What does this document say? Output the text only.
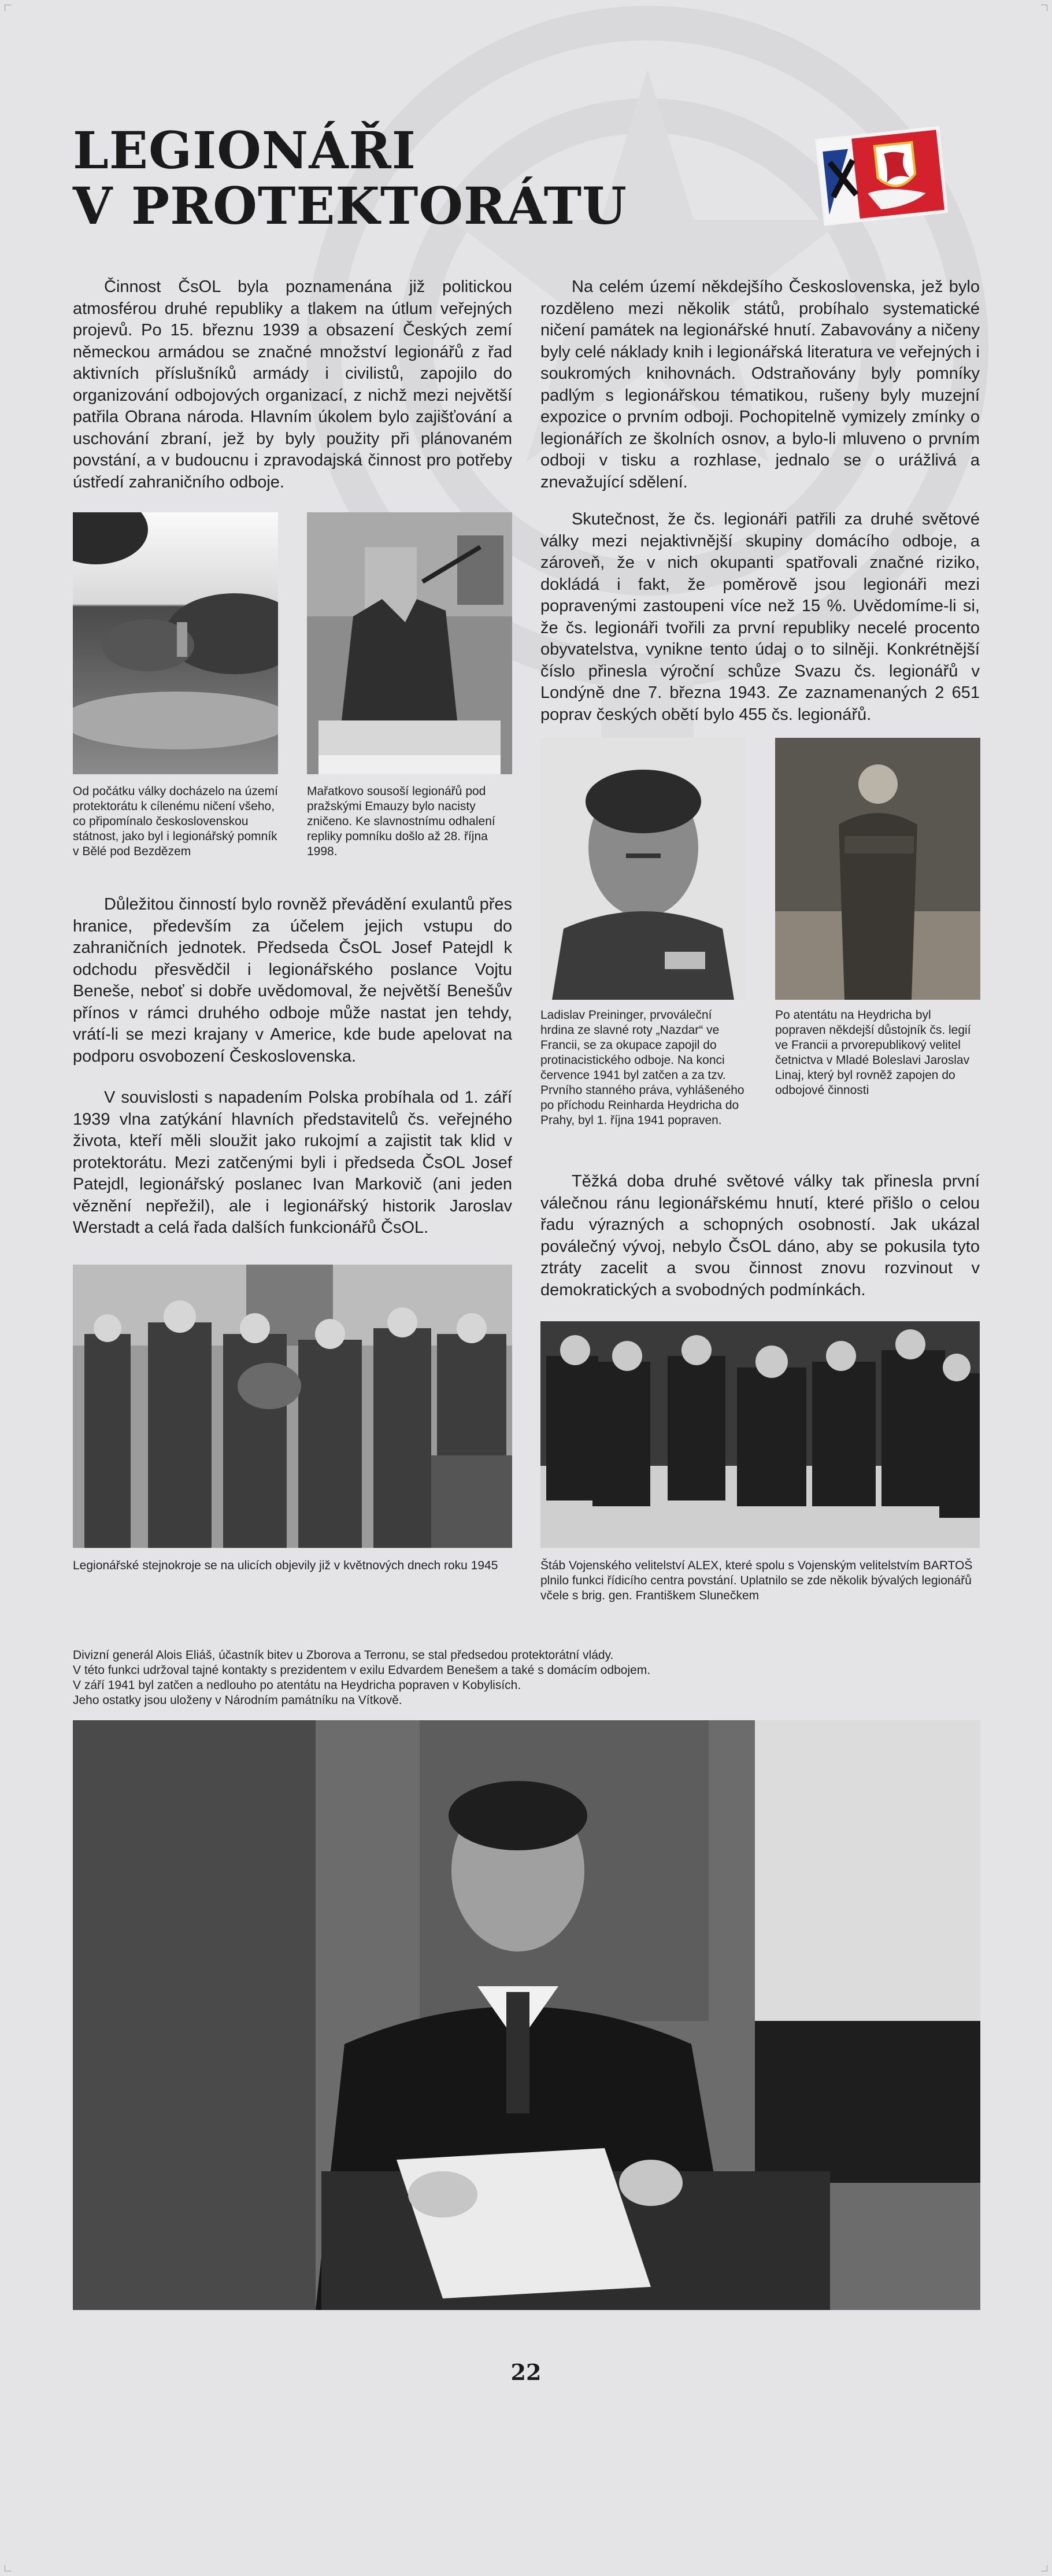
LEGIONÁŘI
V PROTEKTORÁTU

Činnost ČsOL byla poznamenána již politickou atmosférou druhé republiky a tlakem na útlum veřejných projevů. Po 15. březnu 1939 a obsazení Českých zemí německou armádou se značné množství legionářů z řad aktivních příslušníků armády i civilistů, zapojilo do organizování odbojových organizací, z nichž mezi největší patřila Obrana národa. Hlavním úkolem bylo zajišťování a uschování zbraní, jež by byly použity při plánovaném povstání, a v budoucnu i zpravodajská činnost pro potřeby ústředí zahraničního odboje.

Od počátku války docházelo na území protektorátu k cílenému ničení všeho, co připomínalo československou státnost, jako byl i legionářský pomník v Bělé pod Bezdězem

Mařatkovo sousoší legionářů pod pražskými Emauzy bylo nacisty zničeno. Ke slavnostnímu odhalení repliky pomníku došlo až 28. října 1998.

Důležitou činností bylo rovněž převádění exulantů přes hranice, především za účelem jejich vstupu do zahraničních jednotek. Předseda ČsOL Josef Patejdl k odchodu přesvědčil i legionářského poslance Vojtu Beneše, neboť si dobře uvědomoval, že největší Benešův přínos v rámci druhého odboje může nastat jen tehdy, vrátí-li se mezi krajany v Americe, kde bude apelovat na podporu osvobození Československa.

V souvislosti s napadením Polska probíhala od 1. září 1939 vlna zatýkání hlavních představitelů čs. veřejného života, kteří měli sloužit jako rukojmí a zajistit tak klid v protektorátu. Mezi zatčenými byli i předseda ČsOL Josef Patejdl, legionářský poslanec Ivan Markovič (ani jeden věznění nepřežil), ale i legionářský historik Jaroslav Werstadt a celá řada dalších funkcionářů ČsOL.

Legionářské stejnokroje se na ulicích objevily již v květnových dnech roku 1945

Na celém území někdejšího Československa, jež bylo rozděleno mezi několik států, probíhalo systematické ničení památek na legionářské hnutí. Zabavovány a ničeny byly celé náklady knih i legionářská literatura ve veřejných i soukromých knihovnách. Odstraňovány byly pomníky padlým s legionářskou tématikou, rušeny byly muzejní expozice o prvním odboji. Pochopitelně vymizely zmínky o legionářích ze školních osnov, a bylo-li mluveno o prvním odboji v tisku a rozhlase, jednalo se o urážlivá a znevažující sdělení.

Skutečnost, že čs. legionáři patřili za druhé světové války mezi nejaktivnější skupiny domácího odboje, a zároveň, že v nich okupanti spatřovali značné riziko, dokládá i fakt, že poměrově jsou legionáři mezi popravenými zastoupeni více než 15 %. Uvědomíme-li si, že čs. legionáři tvořili za první republiky necelé procento obyvatelstva, vynikne tento údaj o to silněji. Konkrétnější číslo přinesla výroční schůze Svazu čs. legionářů v Londýně dne 7. března 1943. Ze zaznamenaných 2 651 poprav českých obětí bylo 455 čs. legionářů.

Ladislav Preininger, prvováleční hrdina ze slavné roty „Nazdar“ ve Francii, se za okupace zapojil do protinacistického odboje. Na konci července 1941 byl zatčen a za tzv. Prvního stanného práva, vyhlášeného po příchodu Reinharda Heydricha do Prahy, byl 1. října 1941 popraven.

Po atentátu na Heydricha byl popraven někdejší důstojník čs. legií ve Francii a prvorepublikový velitel četnictva v Mladé Boleslavi Jaroslav Linaj, který byl rovněž zapojen do odbojové činnosti

Těžká doba druhé světové války tak přinesla první válečnou ránu legionářskému hnutí, které přišlo o celou řadu výrazných a schopných osobností. Jak ukázal poválečný vývoj, nebylo ČsOL dáno, aby se pokusila tyto ztráty zacelit a svou činnost znovu rozvinout v demokratických a svobodných podmínkách.

Štáb Vojenského velitelství ALEX, které spolu s Vojenským velitelstvím BARTOŠ plnilo funkci řídicího centra povstání. Uplatnilo se zde několik bývalých legionářů včele s brig. gen. Františkem Slunečkem

Divizní generál Alois Eliáš, účastník bitev u Zborova a Terronu, se stal předsedou protektorátní vlády.
V této funkci udržoval tajné kontakty s prezidentem v exilu Edvardem Benešem a také s domácím odbojem.
V září 1941 byl zatčen a nedlouho po atentátu na Heydricha popraven v Kobylisích.
Jeho ostatky jsou uloženy v Národním památníku na Vítkově.

22
